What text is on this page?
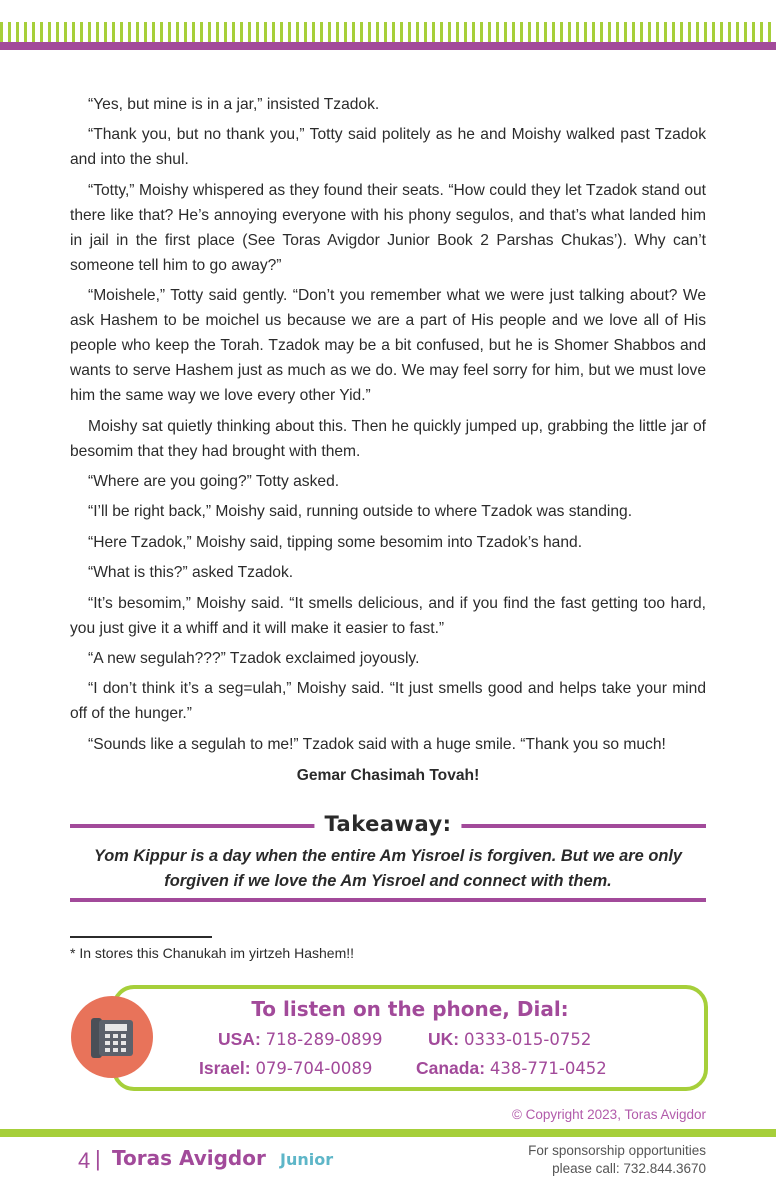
“Yes, but mine is in a jar,” insisted Tzadok.

“Thank you, but no thank you,” Totty said politely as he and Moishy walked past Tzadok and into the shul.

“Totty,” Moishy whispered as they found their seats. “How could they let Tzadok stand out there like that? He’s annoying everyone with his phony segulos, and that’s what landed him in jail in the first place (See Toras Avigdor Junior Book 2 Parshas Chukas’). Why can’t someone tell him to go away?”

“Moishele,” Totty said gently. “Don’t you remember what we were just talking about? We ask Hashem to be moichel us because we are a part of His people and we love all of His people who keep the Torah. Tzadok may be a bit confused, but he is Shomer Shabbos and wants to serve Hashem just as much as we do. We may feel sorry for him, but we must love him the same way we love every other Yid.”

Moishy sat quietly thinking about this. Then he quickly jumped up, grabbing the little jar of besomim that they had brought with them.

“Where are you going?” Totty asked.

“I’ll be right back,” Moishy said, running outside to where Tzadok was standing.

“Here Tzadok,” Moishy said, tipping some besomim into Tzadok’s hand.

“What is this?” asked Tzadok.

“It’s besomim,” Moishy said. “It smells delicious, and if you find the fast getting too hard, you just give it a whiff and it will make it easier to fast.”

“A new segulah???” Tzadok exclaimed joyously.

“I don’t think it’s a seg=ulah,” Moishy said. “It just smells good and helps take your mind off of the hunger.”

“Sounds like a segulah to me!” Tzadok said with a huge smile. “Thank you so much!

Gemar Chasimah Tovah!

Takeaway:

Yom Kippur is a day when the entire Am Yisroel is forgiven. But we are only forgiven if we love the Am Yisroel and connect with them.

* In stores this Chanukah im yirtzeh Hashem!!
To listen on the phone, Dial:
USA: 718-289-0899	UK: 0333-015-0752
Israel: 079-704-0089 Canada: 438-771-0452
© Copyright 2023, Toras Avigdor
4 | Toras Avigdor Junior	For sponsorship opportunities
please call: 732.844.3670
